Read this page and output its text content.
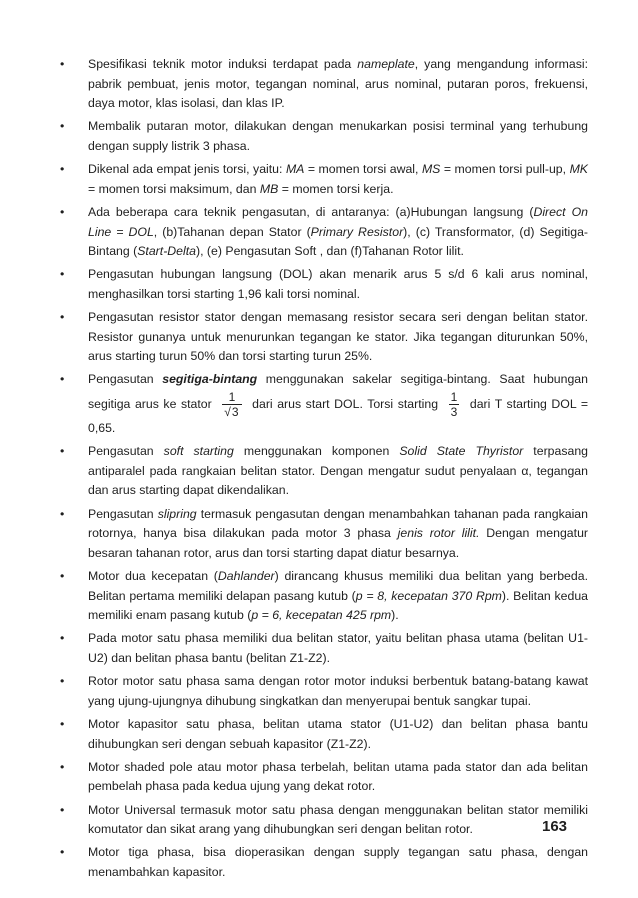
•	Spesifikasi teknik motor induksi terdapat pada nameplate, yang mengandung informasi: pabrik pembuat, jenis motor, tegangan nominal, arus nominal, putaran poros, frekuensi, daya motor, klas isolasi, dan klas IP.
•	Membalik putaran motor, dilakukan dengan menukarkan posisi terminal yang terhubung dengan supply listrik 3 phasa.
•	Dikenal ada empat jenis torsi, yaitu: MA = momen torsi awal, MS = momen torsi pull-up, MK = momen torsi maksimum, dan MB = momen torsi kerja.
•	Ada beberapa cara teknik pengasutan, di antaranya: (a)Hubungan langsung (Direct On Line = DOL, (b)Tahanan depan Stator (Primary Resistor), (c) Transformator, (d) Segitiga-Bintang (Start-Delta), (e) Pengasutan Soft , dan (f)Tahanan Rotor lilit.
•	Pengasutan hubungan langsung (DOL) akan menarik arus 5 s/d 6 kali arus nominal, menghasilkan torsi starting 1,96 kali torsi nominal.
•	Pengasutan resistor stator dengan memasang resistor secara seri dengan belitan stator. Resistor gunanya untuk menurunkan tegangan ke stator. Jika tegangan diturunkan 50%, arus starting turun 50% dan torsi starting turun 25%.
•	Pengasutan segitiga-bintang menggunakan sakelar segitiga-bintang. Saat hubungan segitiga arus ke stator $\frac{1}{√3}$ dari arus start DOL. Torsi starting $\frac{1}{3}$ dari T starting DOL = 0,65.
•	Pengasutan soft starting menggunakan komponen Solid State Thyristor terpasang antiparalel pada rangkaian belitan stator. Dengan mengatur sudut penyalaan α, tegangan dan arus starting dapat dikendalikan.
•	Pengasutan slipring termasuk pengasutan dengan menambahkan tahanan pada rangkaian rotornya, hanya bisa dilakukan pada motor 3 phasa jenis rotor lilit. Dengan mengatur besaran tahanan rotor, arus dan torsi starting dapat diatur besarnya.
•	Motor dua kecepatan (Dahlander) dirancang khusus memiliki dua belitan yang berbeda. Belitan pertama memiliki delapan pasang kutub (p = 8, kecepatan 370 Rpm). Belitan kedua memiliki enam pasang kutub (p = 6, kecepatan 425 rpm).
•	Pada motor satu phasa memiliki dua belitan stator, yaitu belitan phasa utama (belitan U1-U2) dan belitan phasa bantu (belitan Z1-Z2).
•	Rotor motor satu phasa sama dengan rotor motor induksi berbentuk batang-batang kawat yang ujung-ujungnya dihubung singkatkan dan menyerupai bentuk sangkar tupai.
•	Motor kapasitor satu phasa, belitan utama stator (U1-U2) dan belitan phasa bantu dihubungkan seri dengan sebuah kapasitor (Z1-Z2).
•	Motor shaded pole atau motor phasa terbelah, belitan utama pada stator dan ada belitan pembelah phasa pada kedua ujung yang dekat rotor.
•	Motor Universal termasuk motor satu phasa dengan menggunakan belitan stator memiliki komutator dan sikat arang yang dihubungkan seri dengan belitan rotor.
•	Motor tiga phasa, bisa dioperasikan dengan supply tegangan satu phasa, dengan menambahkan kapasitor.
163
